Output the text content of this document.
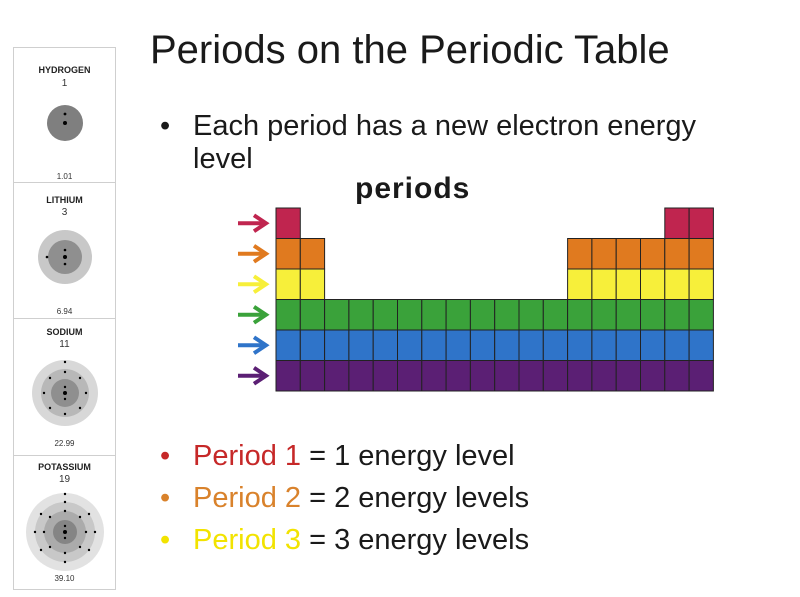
HYDROGEN
1
1.01
LITHIUM
3
6.94
SODIUM
11
22.99
POTASSIUM
19
39.10
Periods on the Periodic Table
• Each period has a new electron energy level
periods
• Period 1 = 1 energy level
• Period 2 = 2 energy levels
• Period 3 = 3 energy levels
